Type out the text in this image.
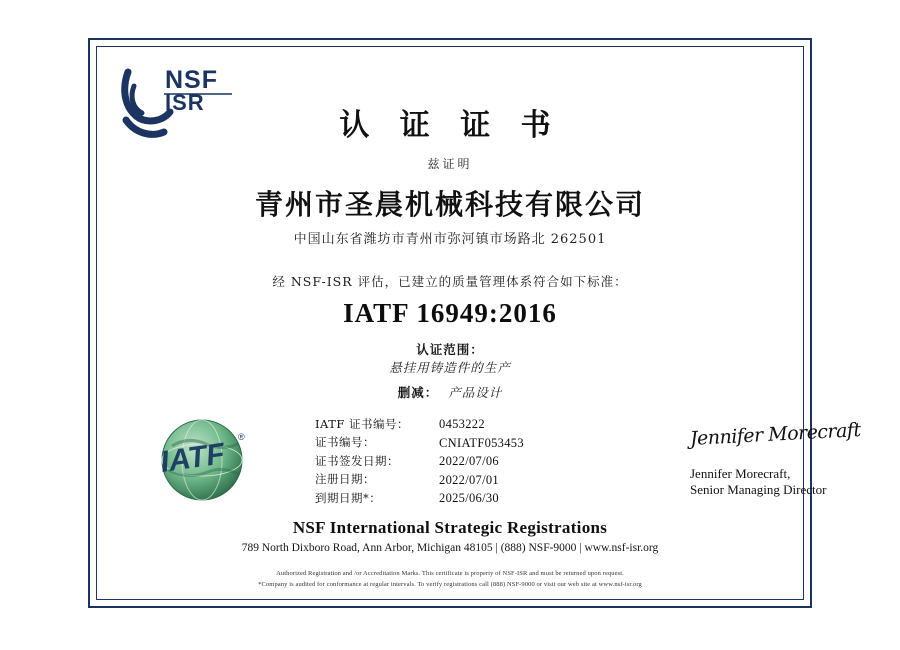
NSF
ISR
IATF
®
认 证 证 书
兹证明
青州市圣晨机械科技有限公司
中国山东省潍坊市青州市弥河镇市场路北 262501
经 NSF-ISR 评估，已建立的质量管理体系符合如下标准：
IATF 16949:2016
认证范围：
悬挂用铸造件的生产
删减： 产品设计
IATF 证书编号：	0453222
证书编号：	CNIATF053453
证书签发日期：	2022/07/06
注册日期：	2022/07/01
到期日期*：	2025/06/30
Jennifer Morecraft
Jennifer Morecraft,
Senior Managing Director
NSF International Strategic Registrations
789 North Dixboro Road, Ann Arbor, Michigan 48105 | (888) NSF-9000 | www.nsf-isr.org
Authorized Registration and /or Accreditation Marks. This certificate is property of NSF-ISR and must be returned upon request.
*Company is audited for conformance at regular intervals. To verify registrations call (888) NSF-9000 or visit our web site at www.nsf-isr.org
